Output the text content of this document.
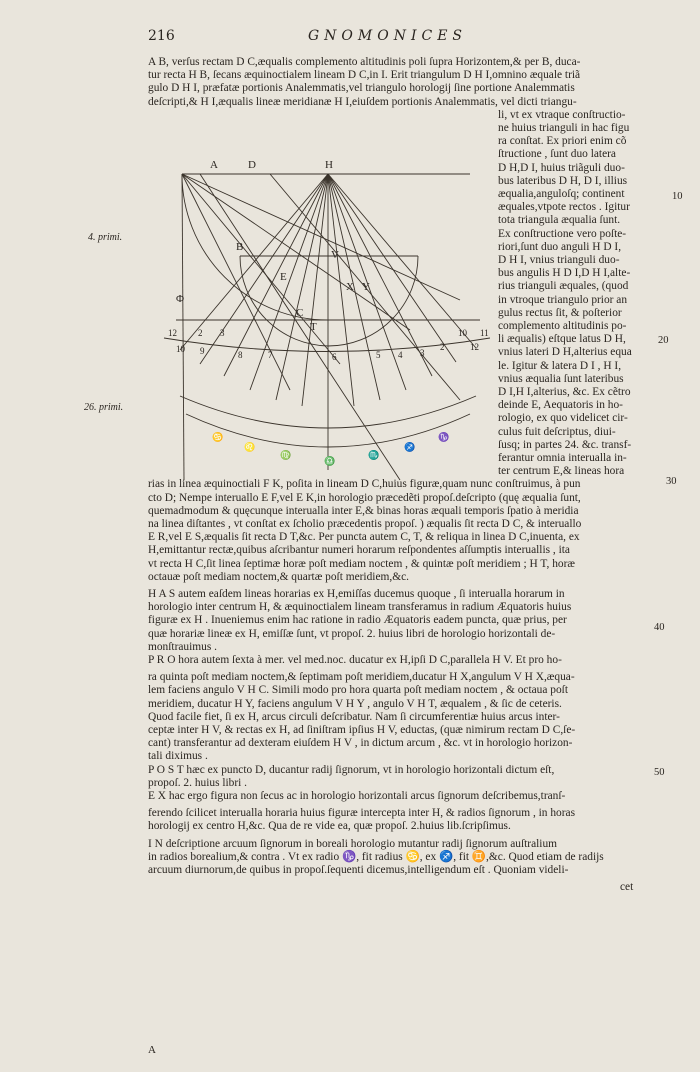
216	GNOMONICES
A B, verſus rectam D C,æqualis complemento altitudinis poli ſupra Horizontem,& per B, duca-
tur recta H B, ſecans æquinoctialem lineam D C,in I. Erit triangulum D H I,omnino æquale triã
gulo D H I, præfatæ portionis Analemmatis,vel triangulo horologij ſine portione Analemmatis
deſcripti,& H I,æqualis lineæ meridianæ H I,eiuſdem portionis Analemmatis, vel dicti triangu-
li, vt ex vtraque conſtructio-
ne huius trianguli in hac figu
ra conſtat. Ex priori enim cõ
ſtructione , ſunt duo latera
D H,D I, huius triãguli duo-
bus lateribus D H, D I, illius
æqualia,anguloſq; continent
æquales,vtpote rectos . Igitur
tota triangula æqualia ſunt.
Ex conſtructione vero poſte-
riori,ſunt duo anguli H D I,
D H I, vnius trianguli duo-
bus angulis H D I,D H I,alte-
rius trianguli æquales, (quod
in vtroque triangulo prior an
gulus rectus ſit, & poſterior
complemento altitudinis po-
li æqualis) eſtque latus D H,
vnius lateri D H,alterius equa
le. Igitur & latera D I , H I,
vnius æqualia ſunt lateribus
D I,H I,alterius, &c. Ex cẽtro
deinde E, Aequatoris in ho-
rologio, ex quo videlicet cir-
culus fuit deſcriptus, diui-
ſusq; in partes 24. &c. transf-
ferantur omnia interualla in-
ter centrum E,& lineas hora
rias in linea æquinoctiali F K, poſita in lineam D C,huius figuræ,quam nunc conſtruimus, à pun
cto D; Nempe interuallo E F,vel E K,in horologio præcedẽti propoſ.deſcripto (quę æqualia ſunt,
quemadmodum & quęcunque interualla inter E,& binas horas æquali temporis ſpatio à meridia
na linea diſtantes , vt conſtat ex ſcholio præcedentis propoſ. ) æqualis ſit recta D C, & interuallo
E R,vel E S,æqualis ſit recta D T,&c. Per puncta autem C, T, & reliqua in linea D C,inuenta, ex
H,emittantur rectæ,quibus aſcribantur numeri horarum reſpondentes aſſumptis interuallis , ita
vt recta H C,ſit linea ſeptimæ horæ poſt mediam noctem , & quintæ poſt meridiem ; H T, horæ
octauæ poſt mediam noctem,& quartæ poſt meridiem,&c.
H A S autem eaſdem lineas horarias ex H,emiſſas ducemus quoque , ſi interualla horarum in
horologio inter centrum H, & æquinoctialem lineam transferamus in radium Æquatoris huius
figuræ ex H . Inueniemus enim hac ratione in radio Æquatoris eadem puncta, quæ prius, per
quæ horariæ lineæ ex H, emiſſæ ſunt, vt propoſ. 2. huius libri de horologio horizontali de-
monſtrauimus .
P R O hora autem ſexta à mer. vel med.noc. ducatur ex H,ipſi D C,parallela H V. Et pro ho-
ra quinta poſt mediam noctem,& ſeptimam poſt meridiem,ducatur H X,angulum V H X,æqua-
lem faciens angulo V H C. Simili modo pro hora quarta poſt mediam noctem , & octaua poſt
meridiem, ducatur H Y, faciens angulum V H Y , angulo V H T, æqualem , & ſic de ceteris.
Quod facile fiet, ſi ex H, arcus circuli deſcribatur. Nam ſi circumferentiæ huius arcus inter-
ceptæ inter H V, & rectas ex H, ad ſiniſtram ipſius H V, eductas, (quæ nimirum rectam D C,ſe-
cant) transferantur ad dexteram eiuſdem H V , in dictum arcum , &c. vt in horologio horizon-
tali diximus .
P O S T hæc ex puncto D, ducantur radij ſignorum, vt in horologio horizontali dictum eſt,
propoſ. 2. huius libri .
E X hac ergo figura non ſecus ac in horologio horizontali arcus ſignorum deſcribemus,tranſ-
ferendo ſcilicet interualla horaria huius figuræ intercepta inter H, & radios ſignorum , in horas
horologij ex centro H,&c. Qua de re vide ea, quæ propoſ. 2.huius lib.ſcripſimus.
I N deſcriptione arcuum ſignorum in boreali horologio mutantur radij ſignorum auſtralium
in radios borealium,& contra . Vt ex radio ♑, fit radius ♋, ex ♐, fit ♊,&c. Quod etiam de radijs
arcuum diurnorum,de quibus in propoſ.ſequenti dicemus,intelligendum eſt . Quoniam videli-
cet
4. primi.
26. primi.
10
20
30
40
50
A	D	H
B
C
E
X Y
V
T
Φ
12 2 3
10 9	8	7
11
10
12
2
3
4
5
6
♋
♌
♍
♎
♏
♐
♑
A
